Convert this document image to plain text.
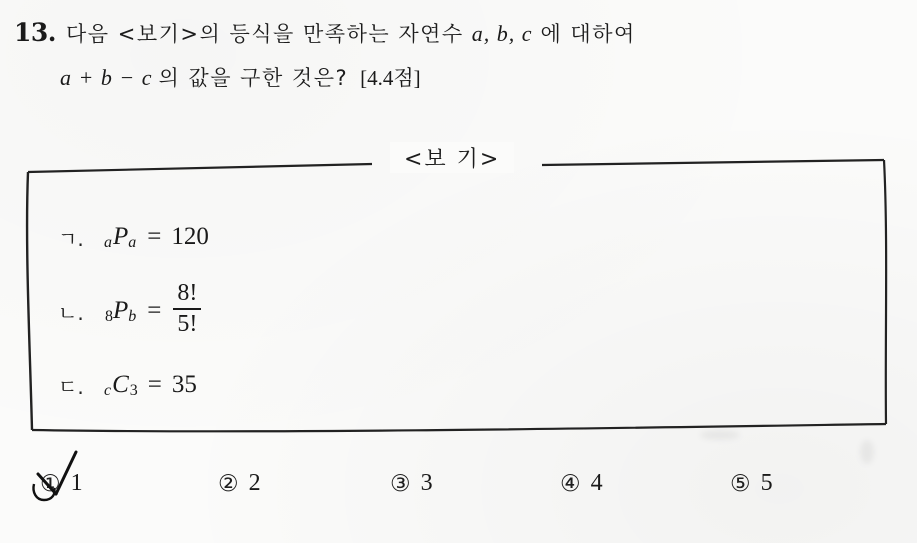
13. 다음 <보기>의 등식을 만족하는 자연수 a, b, c 에 대하여
a + b − c 의 값을 구한 것은? [4.4점]
<보 기>
ㄱ.	a P a = 120
ㄴ.	8 P $b = \frac{8!}{5!}$
ㄷ.	c C 3 = 35
① 1	② 2	③ 3	④ 4	⑤ 5
